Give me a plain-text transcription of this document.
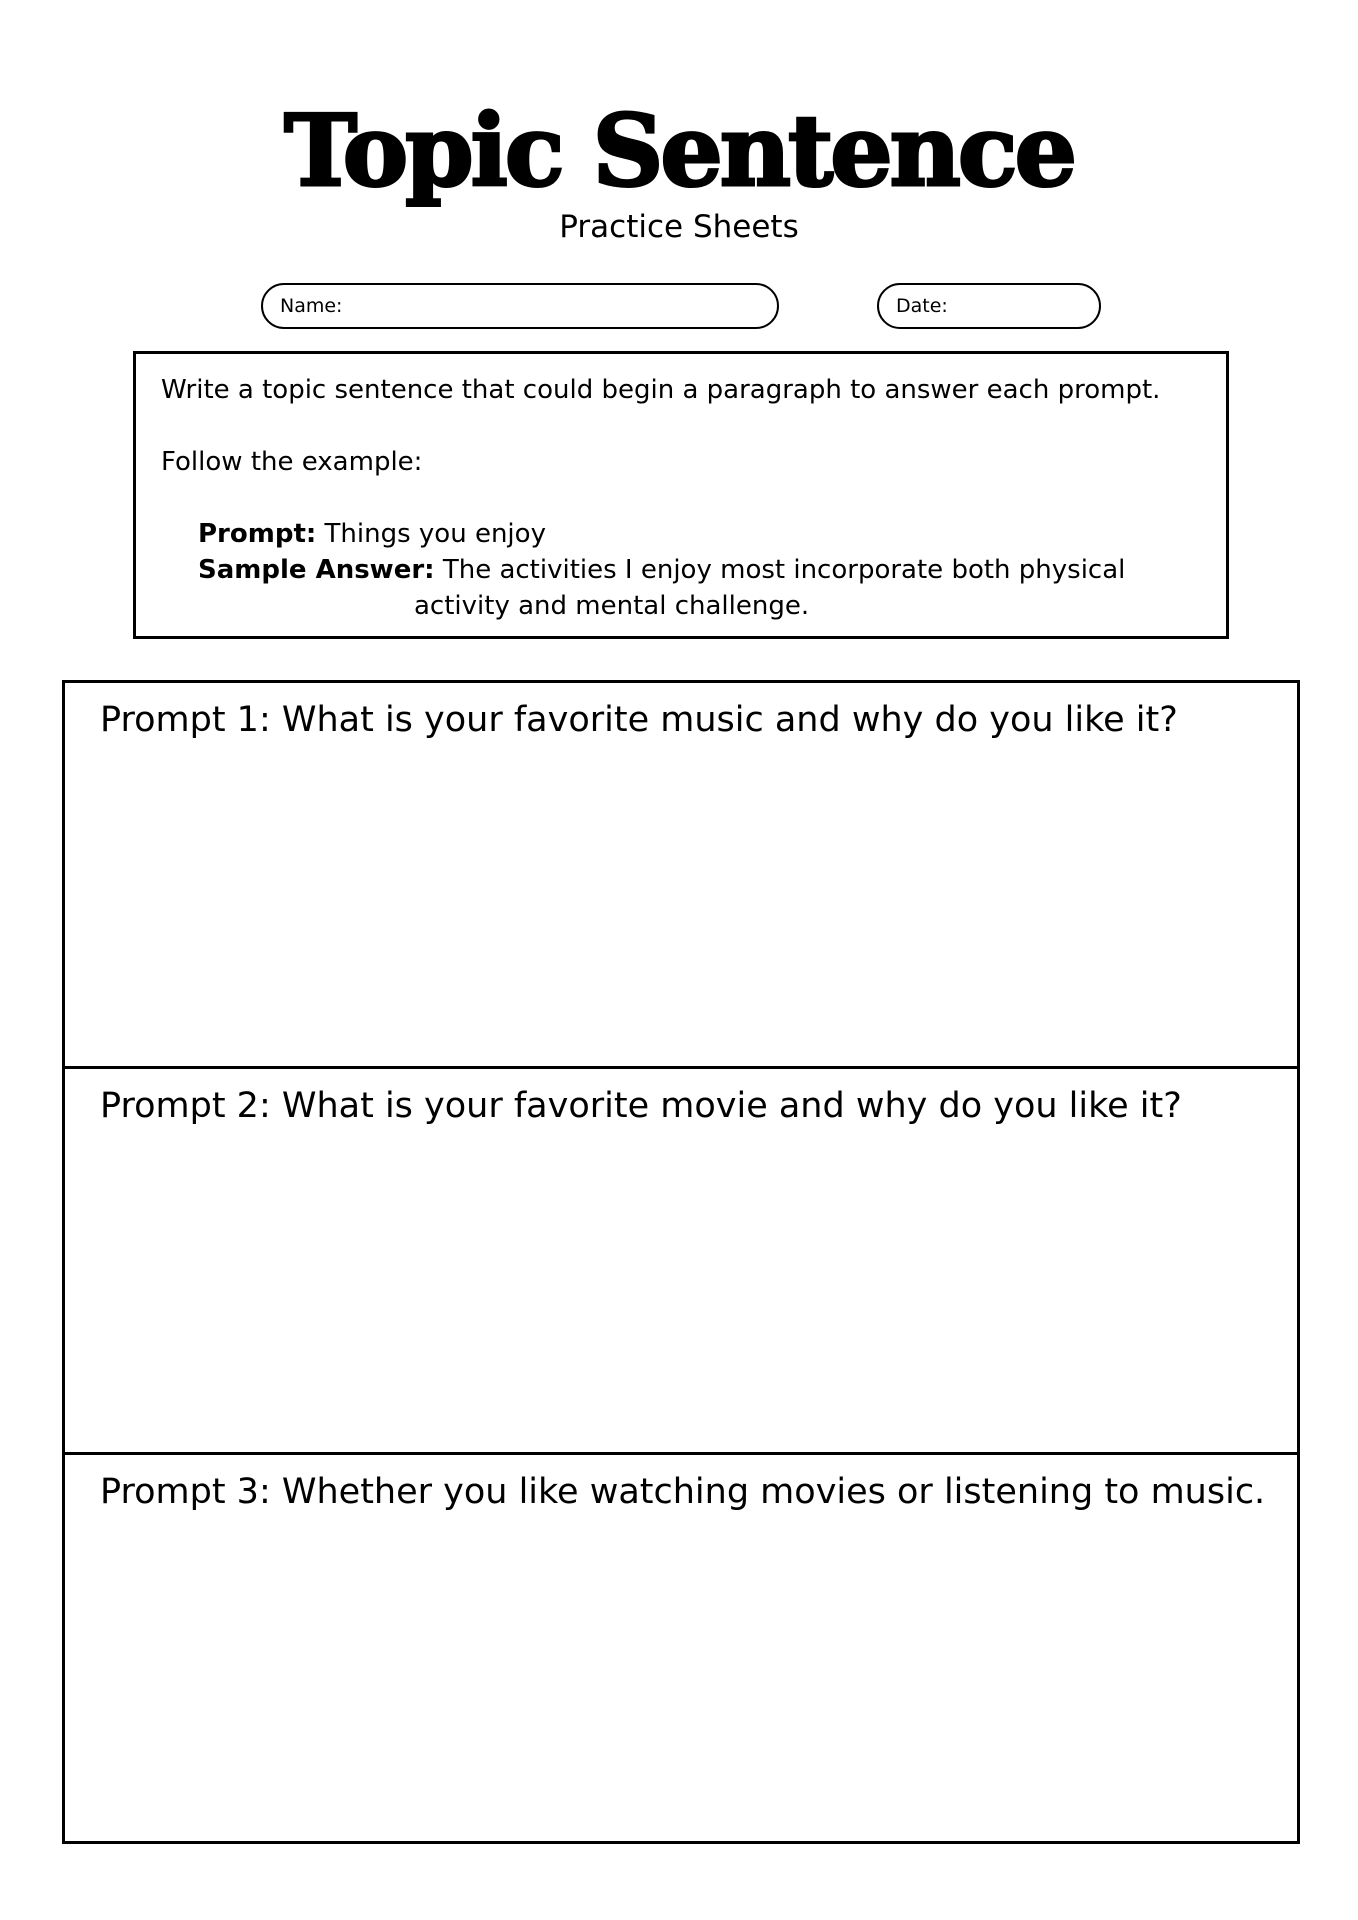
Topic Sentence
Practice Sheets
Name:	Date:
Write a topic sentence that could begin a paragraph to answer each prompt.
Follow the example:
Prompt: Things you enjoy
Sample Answer: The activities I enjoy most incorporate both physical
activity and mental challenge.
Prompt 1: What is your favorite music and why do you like it?
Prompt 2: What is your favorite movie and why do you like it?
Prompt 3: Whether you like watching movies or listening to music.
